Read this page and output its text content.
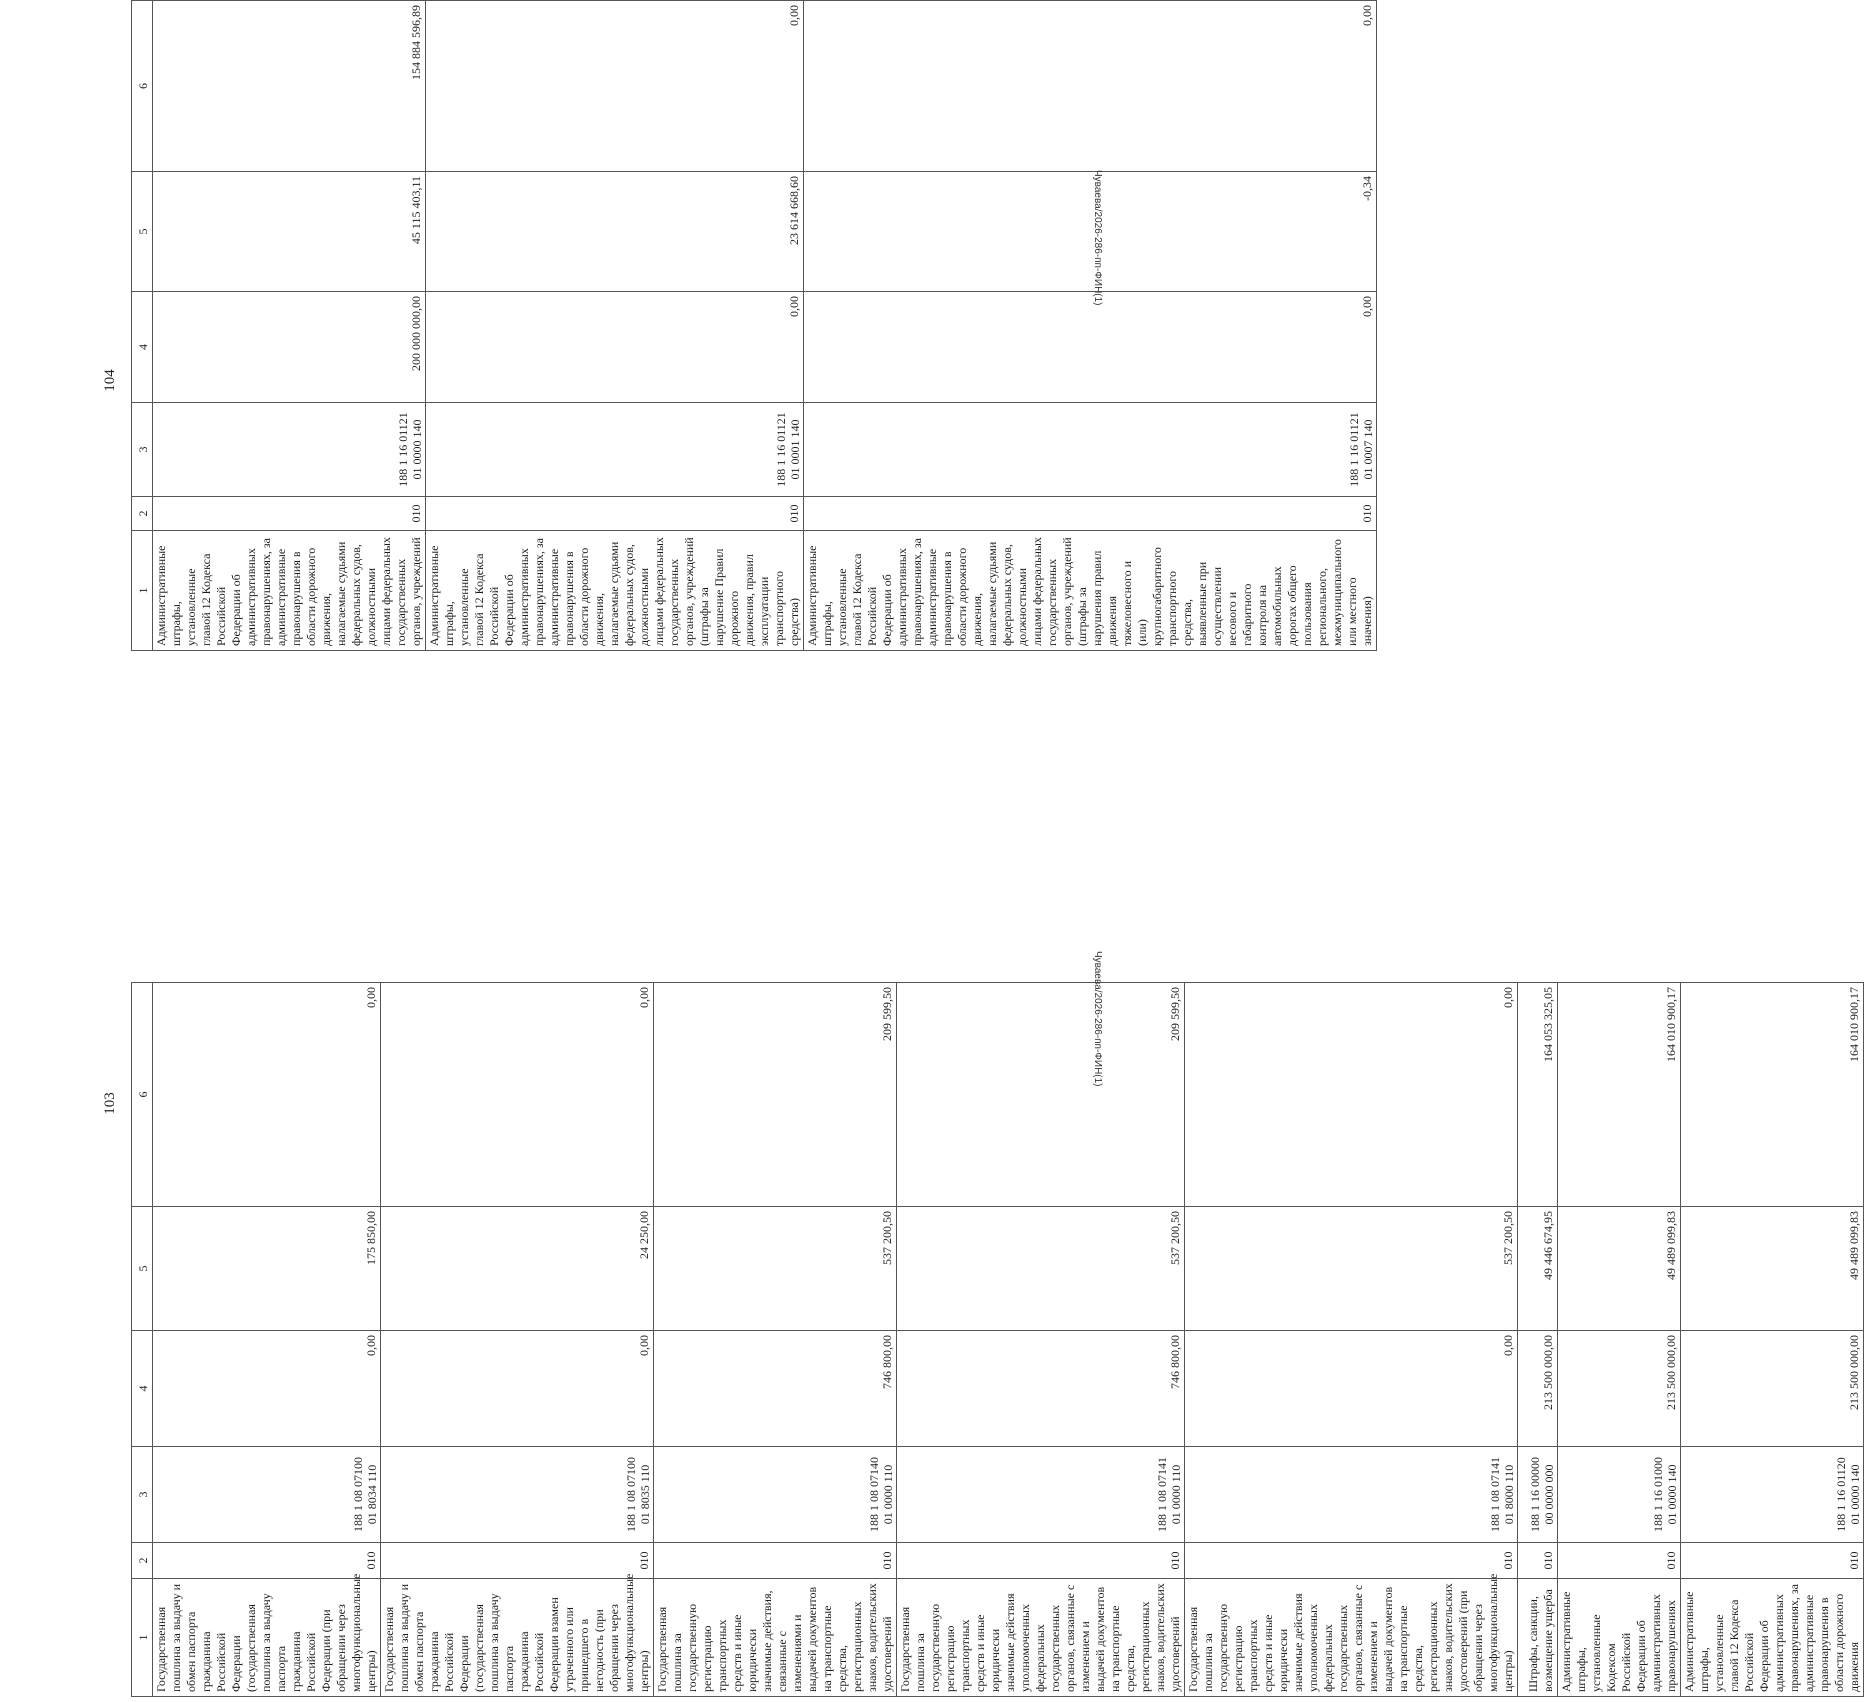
104
1	2	3	4	5	6
Административные штрафы, установленные главой 12 Кодекса Российской Федерации об административных правонарушениях, за административные правонарушения в области дорожного движения, налагаемые судьями федеральных судов, должностными лицами федеральных государственных органов, учреждений	010	188 1 16 01121 01 0000 140	200 000 000,00	45 115 403,11	154 884 596,89
Административные штрафы, установленные главой 12 Кодекса Российской Федерации об административных правонарушениях, за административные правонарушения в области дорожного движения, налагаемые судьями федеральных судов, должностными лицами федеральных государственных органов, учреждений (штрафы за нарушение Правил дорожного движения, правил эксплуатации транспортного средства)	010	188 1 16 01121 01 0001 140	0,00	23 614 668,60	0,00
Административные штрафы, установленные главой 12 Кодекса Российской Федерации об административных правонарушениях, за административные правонарушения в области дорожного движения, налагаемые судьями федеральных судов, должностными лицами федеральных государственных органов, учреждений (штрафы за нарушения правил движения тяжеловесного и (или) крупногабаритного транспортного средства, выявленные при осуществлении весового и габаритного контроля на автомобильных дорогах общего пользования регионального, межмуниципального или местного значения)	010	188 1 16 01121 01 0007 140	0,00	-0,34	0,00
Чуваева/2026-286-пп-ФИН(1)
103
1	2	3	4	5	6
Государственная пошлина за выдачу и обмен паспорта гражданина Российской Федерации (государственная пошлина за выдачу паспорта гражданина Российской Федерации (при обращении через многофункциональные центры)	010	188 1 08 07100 01 8034 110	0,00	175 850,00	0,00
Государственная пошлина за выдачу и обмен паспорта гражданина Российской Федерации (государственная пошлина за выдачу паспорта гражданина Российской Федерации взамен утраченного или пришедшего в негодность (при обращении через многофункциональные центры)	010	188 1 08 07100 01 8035 110	0,00	24 250,00	0,00
Государственная пошлина за государственную регистрацию транспортных средств и иные юридически значимые действия, связанные с изменениями и выдачей документов на транспортные средства, регистрационных знаков, водительских удостоверений	010	188 1 08 07140 01 0000 110	746 800,00	537 200,50	209 599,50
Государственная пошлина за государственную регистрацию транспортных средств и иные юридически значимые действия уполномоченных федеральных государственных органов, связанные с изменением и выдачей документов на транспортные средства, регистрационных знаков, водительских удостоверений	010	188 1 08 07141 01 0000 110	746 800,00	537 200,50	209 599,50
Государственная пошлина за государственную регистрацию транспортных средств и иные юридически значимые действия уполномоченных федеральных государственных органов, связанные с изменением и выдачей документов на транспортные средства, регистрационных знаков, водительских удостоверений (при обращении через многофункциональные центры)	010	188 1 08 07141 01 8000 110	0,00	537 200,50	0,00
Штрафы, санкции, возмещение ущерба	010	188 1 16 00000 00 0000 000	213 500 000,00	49 446 674,95	164 053 325,05
Административные штрафы, установленные Кодексом Российской Федерации об административных правонарушениях	010	188 1 16 01000 01 0000 140	213 500 000,00	49 489 099,83	164 010 900,17
Административные штрафы, установленные главой 12 Кодекса Российской Федерации об административных правонарушениях, за административные правонарушения в области дорожного движения	010	188 1 16 01120 01 0000 140	213 500 000,00	49 489 099,83	164 010 900,17
Чуваева/2026-286-пп-ФИН(1)
